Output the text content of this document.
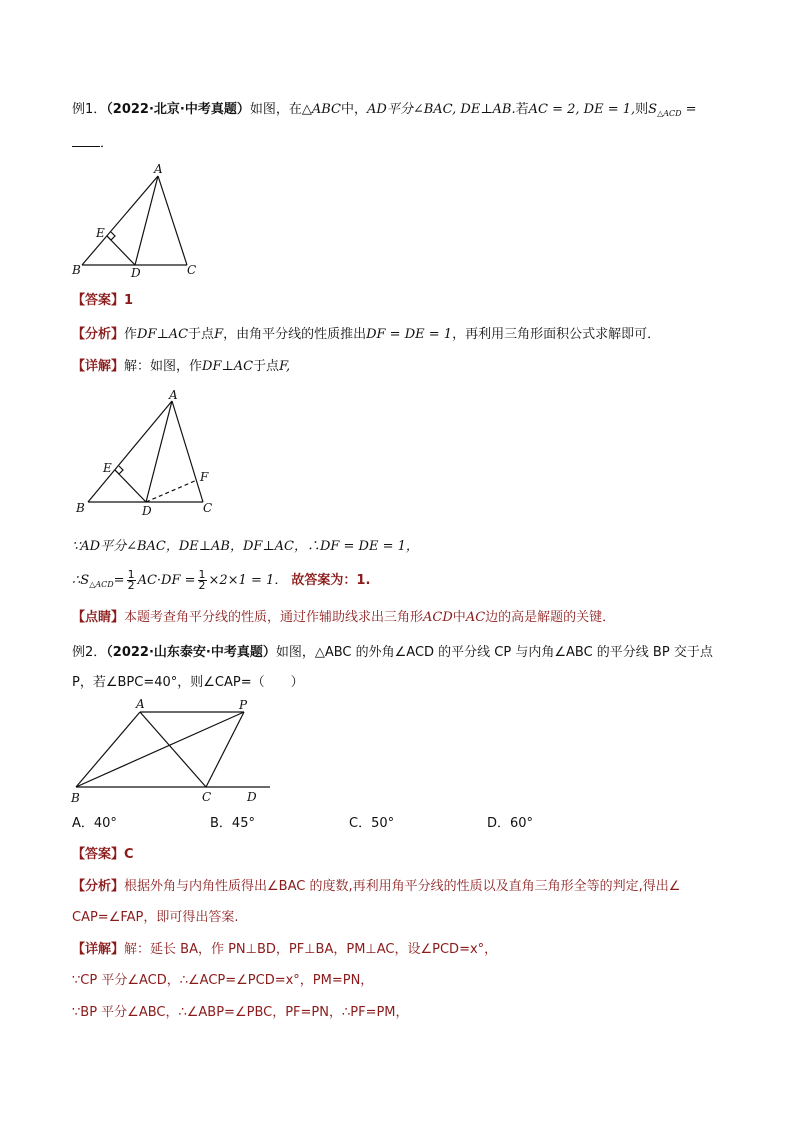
例1．（2022·北京·中考真题）如图，在△ABC中，AD平分∠BAC, DE⊥AB.若AC = 2, DE = 1,则$S_{\triangle ACD}$ =
．
A
E
B	D	C
【答案】1
【分析】作DF⊥AC于点F，由角平分线的性质推出DF = DE = 1，再利用三角形面积公式求解即可．
【详解】解：如图，作DF⊥AC于点F,
A
E
F
B	D	C
∵AD平分∠BAC，DE⊥AB，DF⊥AC，∴DF = DE = 1，
$\therefore S_{\triangle ACD}= \frac{1}{2} AC\cdot DF = \frac{1}{2} \times 2\times 1 = 1$． 故答案为：1.
【点睛】本题考查角平分线的性质，通过作辅助线求出三角形ACD中AC边的高是解题的关键．
例2．（2022·山东泰安·中考真题）如图，△ABC 的外角∠ACD 的平分线 CP 与内角∠ABC 的平分线 BP 交于点
P，若∠BPC=40°，则∠CAP=（　　）
A	P
B	C	D
A．40°	B．45°	C．50°	D．60°
【答案】C
【分析】根据外角与内角性质得出∠BAC 的度数,再利用角平分线的性质以及直角三角形全等的判定,得出∠
CAP=∠FAP，即可得出答案.
【详解】解：延长 BA，作 PN⊥BD，PF⊥BA，PM⊥AC，设∠PCD=x°，
∵CP 平分∠ACD，∴∠ACP=∠PCD=x°，PM=PN，
∵BP 平分∠ABC，∴∠ABP=∠PBC，PF=PN，∴PF=PM，
